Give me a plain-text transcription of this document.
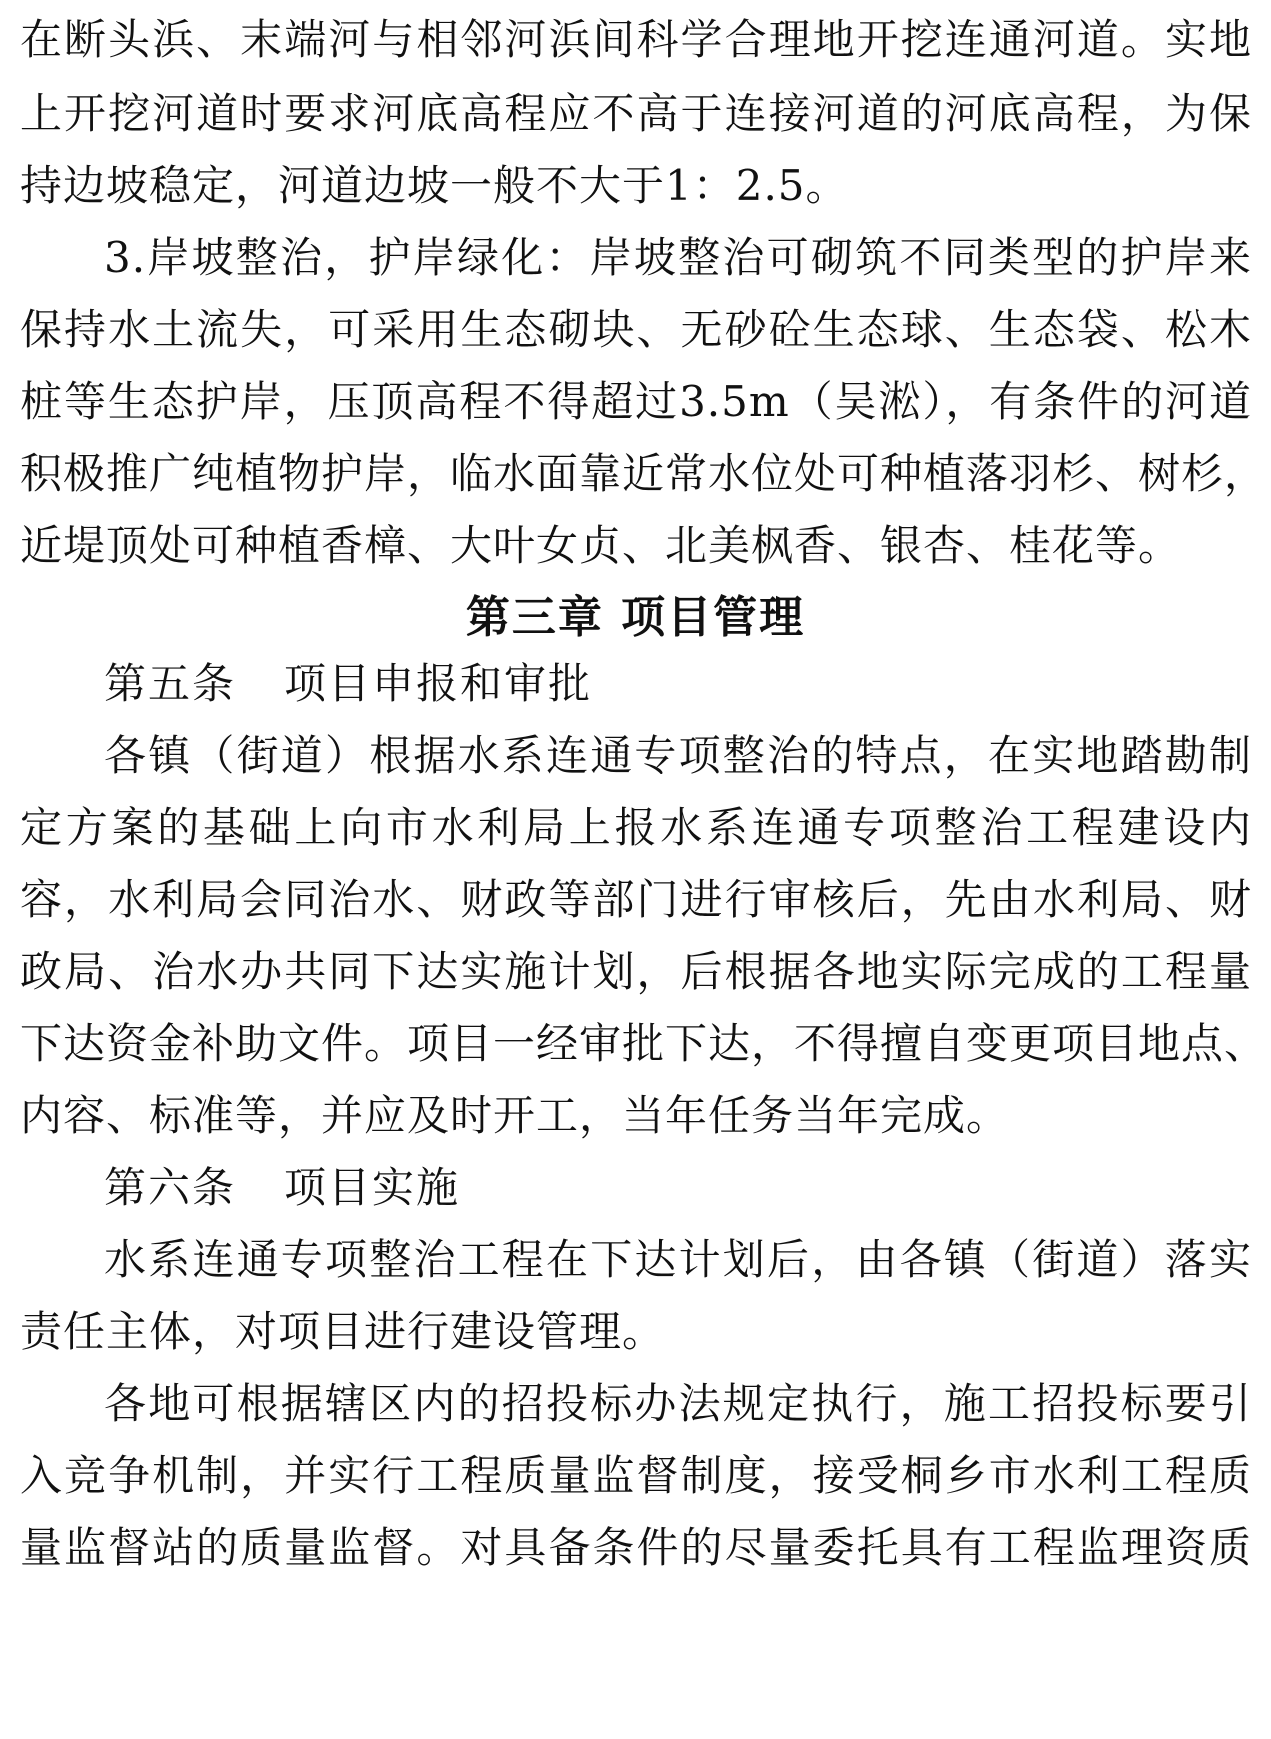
在断头浜、末端河与相邻河浜间科学合理地开挖连通河道。实地
上开挖河道时要求河底高程应不高于连接河道的河底高程，为保
持边坡稳定，河道边坡一般不大于1：2.5。
3.岸坡整治，护岸绿化：岸坡整治可砌筑不同类型的护岸来
保持水土流失，可采用生态砌块、无砂砼生态球、生态袋、松木
桩等生态护岸，压顶高程不得超过3.5m（吴淞），有条件的河道
积极推广纯植物护岸，临水面靠近常水位处可种植落羽杉、树杉，
近堤顶处可种植香樟、大叶女贞、北美枫香、银杏、桂花等。
第三章 项目管理
第五条 项目申报和审批
各镇（街道）根据水系连通专项整治的特点，在实地踏勘制
定方案的基础上向市水利局上报水系连通专项整治工程建设内
容，水利局会同治水、财政等部门进行审核后，先由水利局、财
政局、治水办共同下达实施计划，后根据各地实际完成的工程量
下达资金补助文件。项目一经审批下达，不得擅自变更项目地点、
内容、标准等，并应及时开工，当年任务当年完成。
第六条 项目实施
水系连通专项整治工程在下达计划后，由各镇（街道）落实
责任主体，对项目进行建设管理。
各地可根据辖区内的招投标办法规定执行，施工招投标要引
入竞争机制，并实行工程质量监督制度，接受桐乡市水利工程质
量监督站的质量监督。对具备条件的尽量委托具有工程监理资质
